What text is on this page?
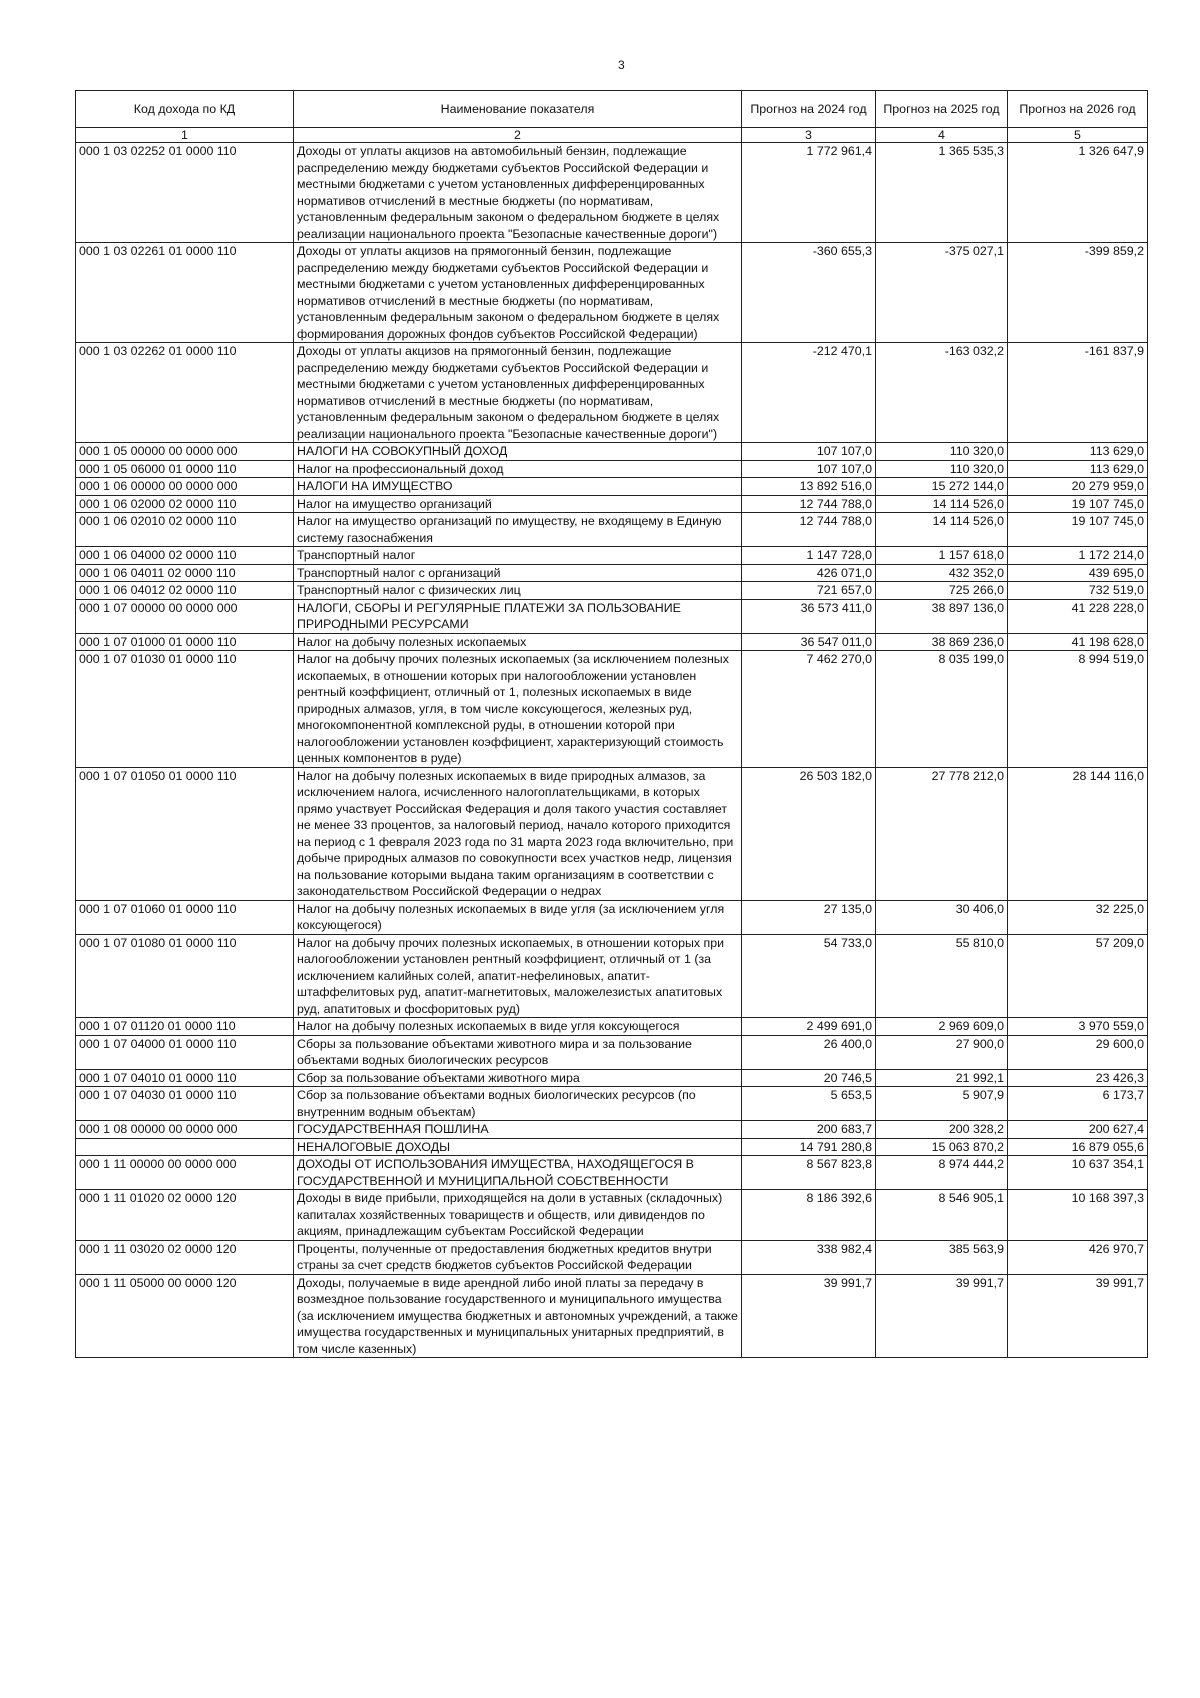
3
Код дохода по КД	Наименование показателя	Прогноз на 2024 год	Прогноз на 2025 год	Прогноз на 2026 год
1	2	3	4	5
000 1 03 02252 01 0000 110	Доходы от уплаты акцизов на автомобильный бензин, подлежащие распределению между бюджетами субъектов Российской Федерации и местными бюджетами с учетом установленных дифференцированных нормативов отчислений в местные бюджеты (по нормативам, установленным федеральным законом о федеральном бюджете в целях реализации национального проекта "Безопасные качественные дороги")	1 772 961,4	1 365 535,3	1 326 647,9
000 1 03 02261 01 0000 110	Доходы от уплаты акцизов на прямогонный бензин, подлежащие распределению между бюджетами субъектов Российской Федерации и местными бюджетами с учетом установленных дифференцированных нормативов отчислений в местные бюджеты (по нормативам, установленным федеральным законом о федеральном бюджете в целях формирования дорожных фондов субъектов Российской Федерации)	-360 655,3	-375 027,1	-399 859,2
000 1 03 02262 01 0000 110	Доходы от уплаты акцизов на прямогонный бензин, подлежащие распределению между бюджетами субъектов Российской Федерации и местными бюджетами с учетом установленных дифференцированных нормативов отчислений в местные бюджеты (по нормативам, установленным федеральным законом о федеральном бюджете в целях реализации национального проекта "Безопасные качественные дороги")	-212 470,1	-163 032,2	-161 837,9
000 1 05 00000 00 0000 000	НАЛОГИ НА СОВОКУПНЫЙ ДОХОД	107 107,0	110 320,0	113 629,0
000 1 05 06000 01 0000 110	Налог на профессиональный доход	107 107,0	110 320,0	113 629,0
000 1 06 00000 00 0000 000	НАЛОГИ НА ИМУЩЕСТВО	13 892 516,0	15 272 144,0	20 279 959,0
000 1 06 02000 02 0000 110	Налог на имущество организаций	12 744 788,0	14 114 526,0	19 107 745,0
000 1 06 02010 02 0000 110	Налог на имущество организаций по имуществу, не входящему в Единую систему газоснабжения	12 744 788,0	14 114 526,0	19 107 745,0
000 1 06 04000 02 0000 110	Транспортный налог	1 147 728,0	1 157 618,0	1 172 214,0
000 1 06 04011 02 0000 110	Транспортный налог с организаций	426 071,0	432 352,0	439 695,0
000 1 06 04012 02 0000 110	Транспортный налог с физических лиц	721 657,0	725 266,0	732 519,0
000 1 07 00000 00 0000 000	НАЛОГИ, СБОРЫ И РЕГУЛЯРНЫЕ ПЛАТЕЖИ ЗА ПОЛЬЗОВАНИЕ ПРИРОДНЫМИ РЕСУРСАМИ	36 573 411,0	38 897 136,0	41 228 228,0
000 1 07 01000 01 0000 110	Налог на добычу полезных ископаемых	36 547 011,0	38 869 236,0	41 198 628,0
000 1 07 01030 01 0000 110	Налог на добычу прочих полезных ископаемых (за исключением полезных ископаемых, в отношении которых при налогообложении установлен рентный коэффициент, отличный от 1, полезных ископаемых в виде природных алмазов, угля, в том числе коксующегося, железных руд, многокомпонентной комплексной руды, в отношении которой при налогообложении установлен коэффициент, характеризующий стоимость ценных компонентов в руде)	7 462 270,0	8 035 199,0	8 994 519,0
000 1 07 01050 01 0000 110	Налог на добычу полезных ископаемых в виде природных алмазов, за исключением налога, исчисленного налогоплательщиками, в которых прямо участвует Российская Федерация и доля такого участия составляет не менее 33 процентов, за налоговый период, начало которого приходится на период с 1 февраля 2023 года по 31 марта 2023 года включительно, при добыче природных алмазов по совокупности всех участков недр, лицензия на пользование которыми выдана таким организациям в соответствии с законодательством Российской Федерации о недрах	26 503 182,0	27 778 212,0	28 144 116,0
000 1 07 01060 01 0000 110	Налог на добычу полезных ископаемых в виде угля (за исключением угля коксующегося)	27 135,0	30 406,0	32 225,0
000 1 07 01080 01 0000 110	Налог на добычу прочих полезных ископаемых, в отношении которых при налогообложении установлен рентный коэффициент, отличный от 1 (за исключением калийных солей, апатит-нефелиновых, апатит-штаффелитовых руд, апатит-магнетитовых, маложелезистых апатитовых руд, апатитовых и фосфоритовых руд)	54 733,0	55 810,0	57 209,0
000 1 07 01120 01 0000 110	Налог на добычу полезных ископаемых в виде угля коксующегося	2 499 691,0	2 969 609,0	3 970 559,0
000 1 07 04000 01 0000 110	Сборы за пользование объектами животного мира и за пользование объектами водных биологических ресурсов	26 400,0	27 900,0	29 600,0
000 1 07 04010 01 0000 110	Сбор за пользование объектами животного мира	20 746,5	21 992,1	23 426,3
000 1 07 04030 01 0000 110	Сбор за пользование объектами водных биологических ресурсов (по внутренним водным объектам)	5 653,5	5 907,9	6 173,7
000 1 08 00000 00 0000 000	ГОСУДАРСТВЕННАЯ ПОШЛИНА	200 683,7	200 328,2	200 627,4
	НЕНАЛОГОВЫЕ ДОХОДЫ	14 791 280,8	15 063 870,2	16 879 055,6
000 1 11 00000 00 0000 000	ДОХОДЫ ОТ ИСПОЛЬЗОВАНИЯ ИМУЩЕСТВА, НАХОДЯЩЕГОСЯ В ГОСУДАРСТВЕННОЙ И МУНИЦИПАЛЬНОЙ СОБСТВЕННОСТИ	8 567 823,8	8 974 444,2	10 637 354,1
000 1 11 01020 02 0000 120	Доходы в виде прибыли, приходящейся на доли в уставных (складочных) капиталах хозяйственных товариществ и обществ, или дивидендов по акциям, принадлежащим субъектам Российской Федерации	8 186 392,6	8 546 905,1	10 168 397,3
000 1 11 03020 02 0000 120	Проценты, полученные от предоставления бюджетных кредитов внутри страны за счет средств бюджетов субъектов Российской Федерации	338 982,4	385 563,9	426 970,7
000 1 11 05000 00 0000 120	Доходы, получаемые в виде арендной либо иной платы за передачу в возмездное пользование государственного и муниципального имущества (за исключением имущества бюджетных и автономных учреждений, а также имущества государственных и муниципальных унитарных предприятий, в том числе казенных)	39 991,7	39 991,7	39 991,7
